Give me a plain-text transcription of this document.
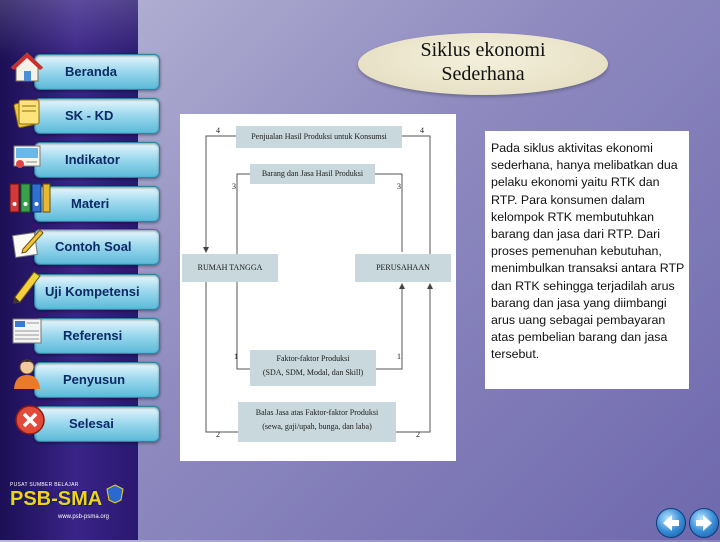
Beranda
SK - KD
Indikator
Materi
Contoh Soal
Uji Kompetensi
Referensi
Penyusun
Selesai
PUSAT SUMBER BELAJAR
PSB-SMA
www.psb-psma.org
Siklus ekonomi
Sederhana
Penjualan Hasil Produksi untuk Konsumsi
Barang dan Jasa Hasil Produksi
RUMAH TANGGA	PERUSAHAAN
Faktor-faktor Produksi
(SDA, SDM, Modal, dan Skill)
Balas Jasa atas Faktor-faktor Produksi
(sewa, gaji/upah, bunga, dan laba)
4	4
3	3
1	1
2	2

Pada siklus aktivitas ekonomi sederhana, hanya melibatkan dua pelaku ekonomi yaitu RTK dan RTP. Para konsumen dalam kelompok RTK membutuhkan barang dan jasa dari RTP. Dari proses pemenuhan kebutuhan, menimbulkan transaksi antara RTP dan RTK sehingga terjadilah arus barang dan jasa yang diimbangi arus uang sebagai pembayaran atas pembelian barang dan jasa tersebut.
